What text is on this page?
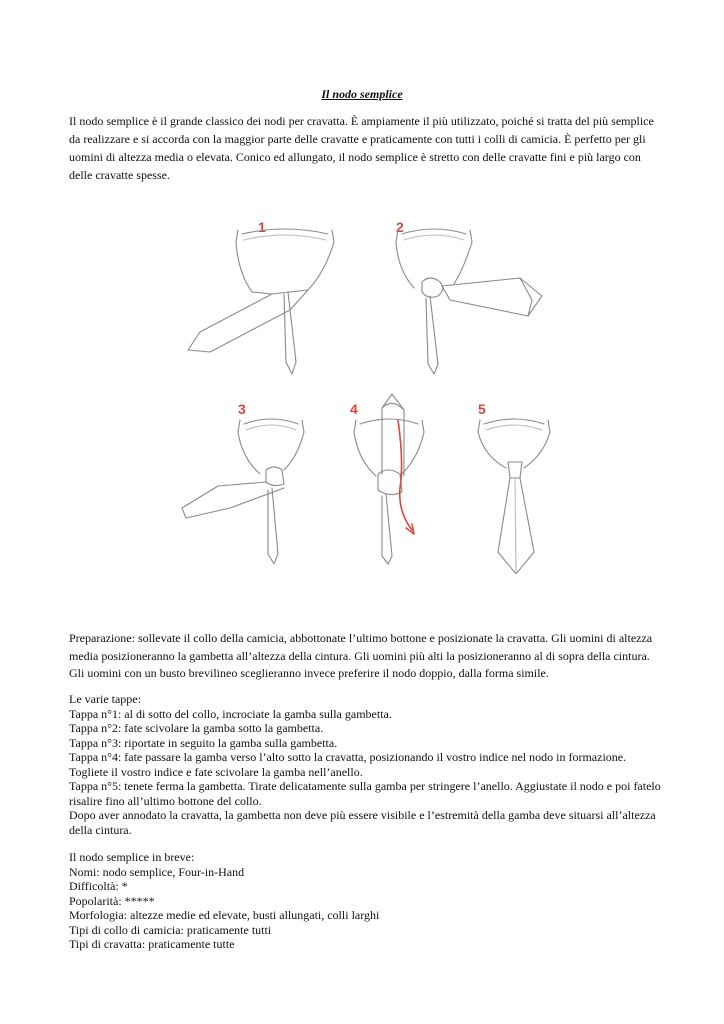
Il nodo semplice

Il nodo semplice è il grande classico dei nodi per cravatta. È ampiamente il più utilizzato, poiché si tratta del più semplice da realizzare e si accorda con la maggior parte delle cravatte e praticamente con tutti i colli di camicia. È perfetto per gli uomini di altezza media o elevata. Conico ed allungato, il nodo semplice è stretto con delle cravatte fini e più largo con delle cravatte spesse.

1	2
3	4	5

Preparazione: sollevate il collo della camicia, abbottonate l’ultimo bottone e posizionate la cravatta. Gli uomini di altezza media posizioneranno la gambetta all’altezza della cintura. Gli uomini più alti la posizioneranno al di sopra della cintura. Gli uomini con un busto brevilineo sceglieranno invece preferire il nodo doppio, dalla forma simile.

Le varie tappe:
Tappa n°1: al di sotto del collo, incrociate la gamba sulla gambetta.
Tappa n°2: fate scivolare la gamba sotto la gambetta.
Tappa n°3: riportate in seguito la gamba sulla gambetta.
Tappa n°4: fate passare la gamba verso l’alto sotto la cravatta, posizionando il vostro indice nel nodo in formazione.
Togliete il vostro indice e fate scivolare la gamba nell’anello.
Tappa n°5: tenete ferma la gambetta. Tirate delicatamente sulla gamba per stringere l’anello. Aggiustate il nodo e poi fatelo risalire fino all’ultimo bottone del collo.
Dopo aver annodato la cravatta, la gambetta non deve più essere visibile e l’estremità della gamba deve situarsi all’altezza della cintura.
Il nodo semplice in breve:
Nomi: nodo semplice, Four-in-Hand
Difficoltà: *
Popolarità: *****
Morfologia: altezze medie ed elevate, busti allungati, colli larghi
Tipi di collo di camicia: praticamente tutti
Tipi di cravatta: praticamente tutte
